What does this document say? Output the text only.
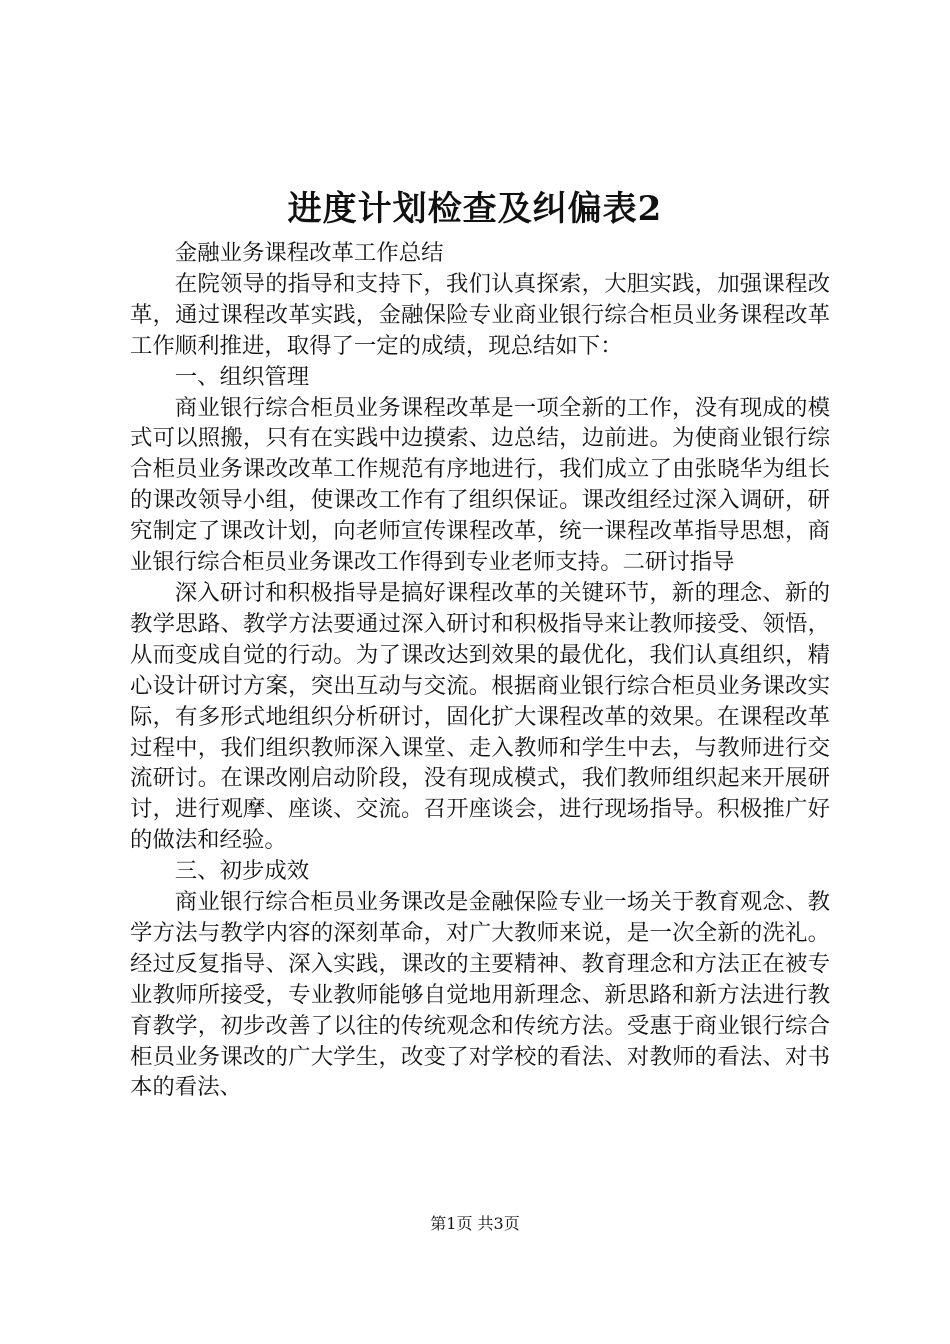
进度计划检查及纠偏表2

金融业务课程改革工作总结

在院领导的指导和支持下，我们认真探索，大胆实践，加强课程改革，通过课程改革实践，金融保险专业商业银行综合柜员业务课程改革工作顺利推进，取得了一定的成绩，现总结如下：

一、组织管理

商业银行综合柜员业务课程改革是一项全新的工作，没有现成的模式可以照搬，只有在实践中边摸索、边总结，边前进。为使商业银行综合柜员业务课改改革工作规范有序地进行，我们成立了由张晓华为组长的课改领导小组，使课改工作有了组织保证。课改组经过深入调研，研究制定了课改计划，向老师宣传课程改革，统一课程改革指导思想，商业银行综合柜员业务课改工作得到专业老师支持。二研讨指导

深入研讨和积极指导是搞好课程改革的关键环节，新的理念、新的教学思路、教学方法要通过深入研讨和积极指导来让教师接受、领悟，从而变成自觉的行动。为了课改达到效果的最优化，我们认真组织，精心设计研讨方案，突出互动与交流。根据商业银行综合柜员业务课改实际，有多形式地组织分析研讨，固化扩大课程改革的效果。在课程改革过程中，我们组织教师深入课堂、走入教师和学生中去，与教师进行交流研讨。在课改刚启动阶段，没有现成模式，我们教师组织起来开展研讨，进行观摩、座谈、交流。召开座谈会，进行现场指导。积极推广好的做法和经验。

三、初步成效

商业银行综合柜员业务课改是金融保险专业一场关于教育观念、教学方法与教学内容的深刻革命，对广大教师来说，是一次全新的洗礼。经过反复指导、深入实践，课改的主要精神、教育理念和方法正在被专业教师所接受，专业教师能够自觉地用新理念、新思路和新方法进行教育教学，初步改善了以往的传统观念和传统方法。受惠于商业银行综合柜员业务课改的广大学生，改变了对学校的看法、对教师的看法、对书本的看法、

第1页 共3页
